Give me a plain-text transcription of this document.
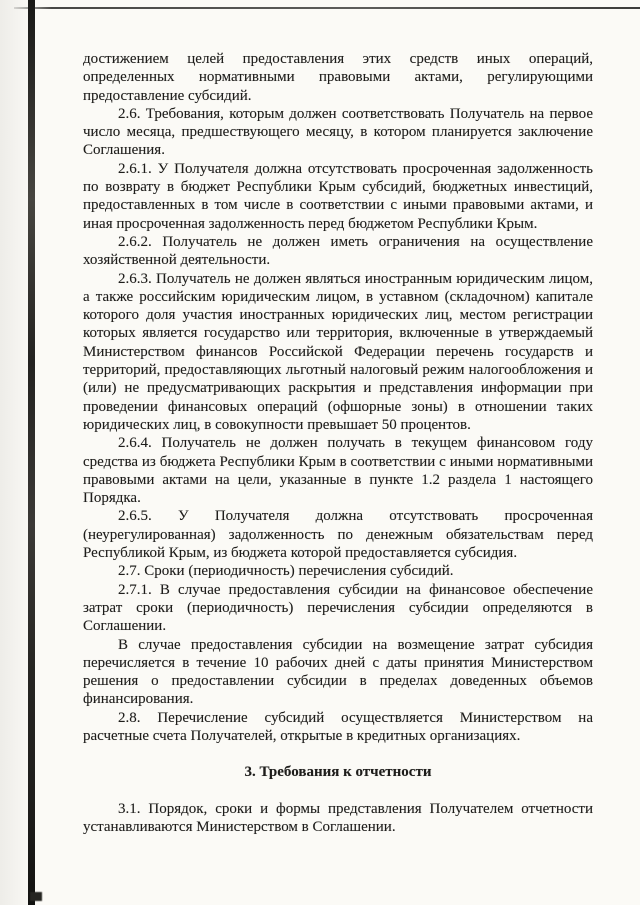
достижением целей предоставления этих средств иных операций, определенных нормативными правовыми актами, регулирующими предоставление субсидий.

2.6. Требования, которым должен соответствовать Получатель на первое число месяца, предшествующего месяцу, в котором планируется заключение Соглашения.

2.6.1. У Получателя должна отсутствовать просроченная задолженность по возврату в бюджет Республики Крым субсидий, бюджетных инвестиций, предоставленных в том числе в соответствии с иными правовыми актами, и иная просроченная задолженность перед бюджетом Республики Крым.

2.6.2. Получатель не должен иметь ограничения на осуществление хозяйственной деятельности.

2.6.3. Получатель не должен являться иностранным юридическим лицом, а также российским юридическим лицом, в уставном (складочном) капитале которого доля участия иностранных юридических лиц, местом регистрации которых является государство или территория, включенные в утверждаемый Министерством финансов Российской Федерации перечень государств и территорий, предоставляющих льготный налоговый режим налогообложения и (или) не предусматривающих раскрытия и представления информации при проведении финансовых операций (офшорные зоны) в отношении таких юридических лиц, в совокупности превышает 50 процентов.

2.6.4. Получатель не должен получать в текущем финансовом году средства из бюджета Республики Крым в соответствии с иными нормативными правовыми актами на цели, указанные в пункте 1.2 раздела 1 настоящего Порядка.

2.6.5. У Получателя должна отсутствовать просроченная (неурегулированная) задолженность по денежным обязательствам перед Республикой Крым, из бюджета которой предоставляется субсидия.

2.7. Сроки (периодичность) перечисления субсидий.

2.7.1. В случае предоставления субсидии на финансовое обеспечение затрат сроки (периодичность) перечисления субсидии определяются в Соглашении.

В случае предоставления субсидии на возмещение затрат субсидия перечисляется в течение 10 рабочих дней с даты принятия Министерством решения о предоставлении субсидии в пределах доведенных объемов финансирования.

2.8. Перечисление субсидий осуществляется Министерством на расчетные счета Получателей, открытые в кредитных организациях.

3. Требования к отчетности

3.1. Порядок, сроки и формы представления Получателем отчетности устанавливаются Министерством в Соглашении.
